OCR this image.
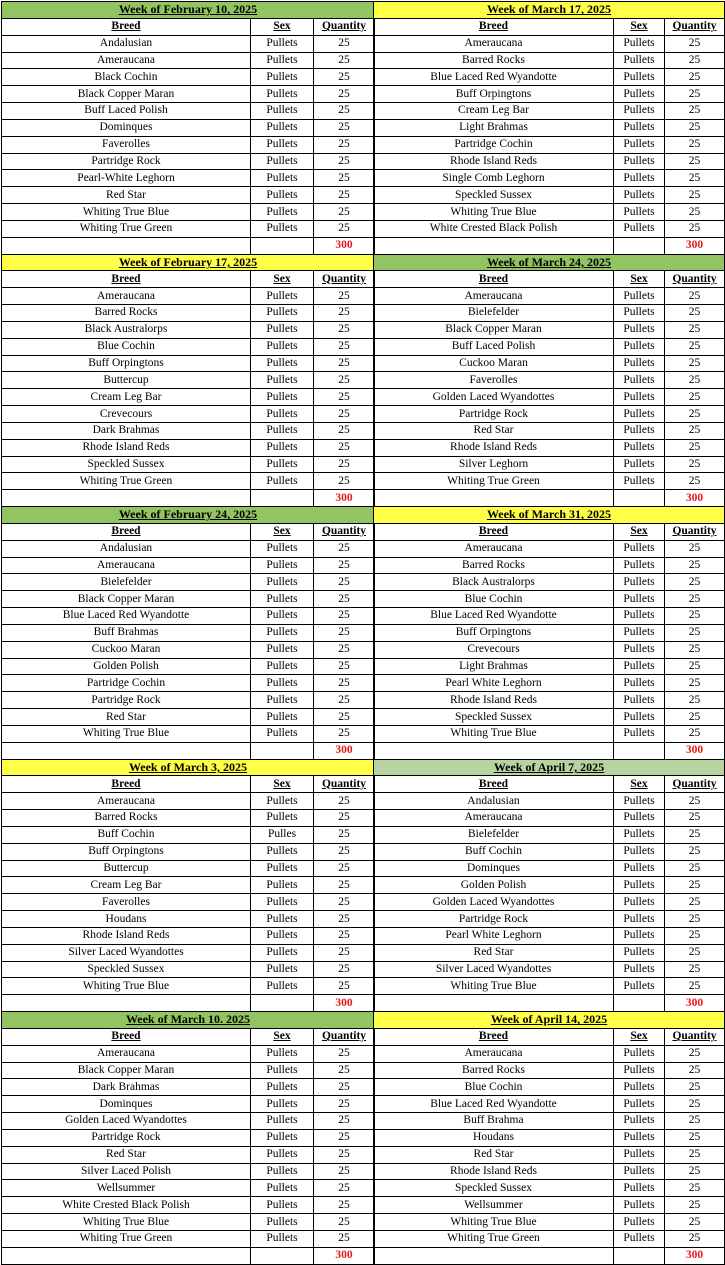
Week of February 10, 2025		
Breed	Sex	Quantity
Andalusian	Pullets	25
Ameraucana	Pullets	25
Black Cochin	Pullets	25
Black Copper Maran	Pullets	25
Buff Laced Polish	Pullets	25
Dominques	Pullets	25
Faverolles	Pullets	25
Partridge Rock	Pullets	25
Pearl-White Leghorn	Pullets	25
Red Star	Pullets	25
Whiting True Blue	Pullets	25
Whiting True Green	Pullets	25
		300
Week of March 17, 2025		
Breed	Sex	Quantity
Ameraucana	Pullets	25
Barred Rocks	Pullets	25
Blue Laced Red Wyandotte	Pullets	25
Buff Orpingtons	Pullets	25
Cream Leg Bar	Pullets	25
Light Brahmas	Pullets	25
Partridge Cochin	Pullets	25
Rhode Island Reds	Pullets	25
Single Comb Leghorn	Pullets	25
Speckled Sussex	Pullets	25
Whiting True Blue	Pullets	25
White Crested Black Polish	Pullets	25
		300
Week of February 17, 2025		
Breed	Sex	Quantity
Ameraucana	Pullets	25
Barred Rocks	Pullets	25
Black Australorps	Pullets	25
Blue Cochin	Pullets	25
Buff Orpingtons	Pullets	25
Buttercup	Pullets	25
Cream Leg Bar	Pullets	25
Crevecours	Pullets	25
Dark Brahmas	Pullets	25
Rhode Island Reds	Pullets	25
Speckled Sussex	Pullets	25
Whiting True Green	Pullets	25
		300
Week of March 24, 2025		
Breed	Sex	Quantity
Ameraucana	Pullets	25
Bielefelder	Pullets	25
Black Copper Maran	Pullets	25
Buff Laced Polish	Pullets	25
Cuckoo Maran	Pullets	25
Faverolles	Pullets	25
Golden Laced Wyandottes	Pullets	25
Partridge Rock	Pullets	25
Red Star	Pullets	25
Rhode Island Reds	Pullets	25
Silver Leghorn	Pullets	25
Whiting True Green	Pullets	25
		300
Week of February 24, 2025		
Breed	Sex	Quantity
Andalusian	Pullets	25
Ameraucana	Pullets	25
Bielefelder	Pullets	25
Black Copper Maran	Pullets	25
Blue Laced Red Wyandotte	Pullets	25
Buff Brahmas	Pullets	25
Cuckoo Maran	Pullets	25
Golden Polish	Pullets	25
Partridge Cochin	Pullets	25
Partridge Rock	Pullets	25
Red Star	Pullets	25
Whiting True Blue	Pullets	25
		300
Week of March 31, 2025		
Breed	Sex	Quantity
Ameraucana	Pullets	25
Barred Rocks	Pullets	25
Black Australorps	Pullets	25
Blue Cochin	Pullets	25
Blue Laced Red Wyandotte	Pullets	25
Buff Orpingtons	Pullets	25
Crevecours	Pullets	25
Light Brahmas	Pullets	25
Pearl White Leghorn	Pullets	25
Rhode Island Reds	Pullets	25
Speckled Sussex	Pullets	25
Whiting True Blue	Pullets	25
		300
Week of March 3, 2025		
Breed	Sex	Quantity
Ameraucana	Pullets	25
Barred Rocks	Pullets	25
Buff Cochin	Pulles	25
Buff Orpingtons	Pullets	25
Buttercup	Pullets	25
Cream Leg Bar	Pullets	25
Faverolles	Pullets	25
Houdans	Pullets	25
Rhode Island Reds	Pullets	25
Silver Laced Wyandottes	Pullets	25
Speckled Sussex	Pullets	25
Whiting True Blue	Pullets	25
		300
Week of April 7, 2025		
Breed	Sex	Quantity
Andalusian	Pullets	25
Ameraucana	Pullets	25
Bielefelder	Pullets	25
Buff Cochin	Pullets	25
Dominques	Pullets	25
Golden Polish	Pullets	25
Golden Laced Wyandottes	Pullets	25
Partridge Rock	Pullets	25
Pearl White Leghorn	Pullets	25
Red Star	Pullets	25
Silver Laced Wyandottes	Pullets	25
Whiting True Blue	Pullets	25
		300
Week of March 10. 2025		
Breed	Sex	Quantity
Ameraucana	Pullets	25
Black Copper Maran	Pullets	25
Dark Brahmas	Pullets	25
Dominques	Pullets	25
Golden Laced Wyandottes	Pullets	25
Partridge Rock	Pullets	25
Red Star	Pullets	25
Silver Laced Polish	Pullets	25
Wellsummer	Pullets	25
White Crested Black Polish	Pullets	25
Whiting True Blue	Pullets	25
Whiting True Green	Pullets	25
		300
Week of April 14, 2025		
Breed	Sex	Quantity
Ameraucana	Pullets	25
Barred Rocks	Pullets	25
Blue Cochin	Pullets	25
Blue Laced Red Wyandotte	Pullets	25
Buff Brahma	Pullets	25
Houdans	Pullets	25
Red Star	Pullets	25
Rhode Island Reds	Pullets	25
Speckled Sussex	Pullets	25
Wellsummer	Pullets	25
Whiting True Blue	Pullets	25
Whiting True Green	Pullets	25
		300
